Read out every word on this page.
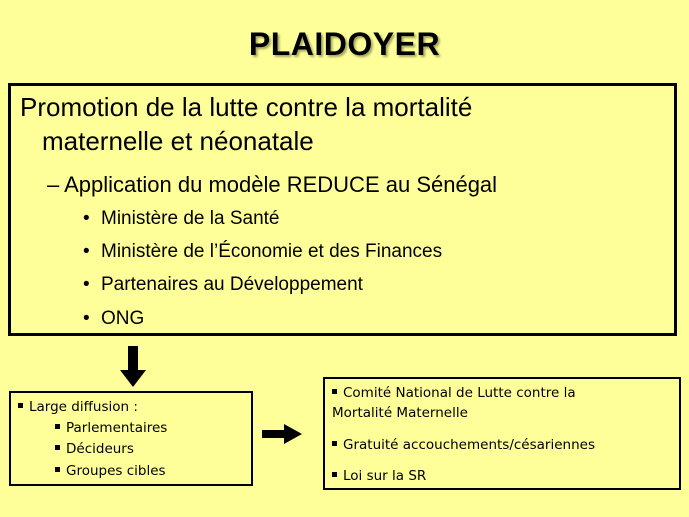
PLAIDOYER
Promotion de la lutte contre la mortalité
maternelle et néonatale
– Application du modèle REDUCE au Sénégal
• Ministère de la Santé
• Ministère de l’Économie et des Finances
• Partenaires au Développement
• ONG
Large diffusion :
Parlementaires
Décideurs
Groupes cibles
Comité National de Lutte contre la
Mortalité Maternelle
Gratuité accouchements/césariennes
Loi sur la SR
